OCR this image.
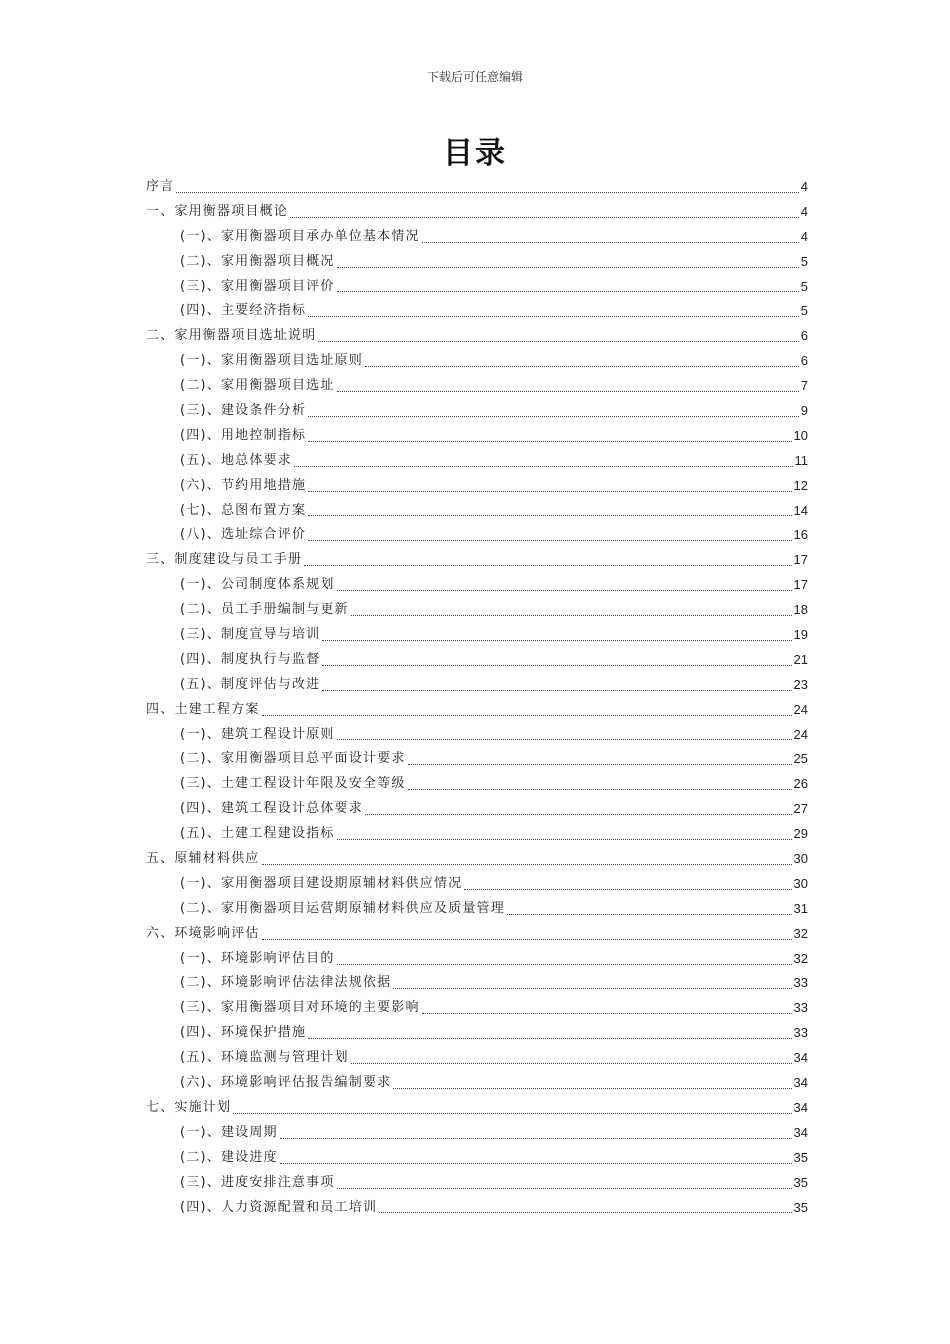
下载后可任意编辑
目录
序言	4
一、家用衡器项目概论	4
(一)、家用衡器项目承办单位基本情况	4
(二)、家用衡器项目概况	5
(三)、家用衡器项目评价	5
(四)、主要经济指标	5
二、家用衡器项目选址说明	6
(一)、家用衡器项目选址原则	6
(二)、家用衡器项目选址	7
(三)、建设条件分析	9
(四)、用地控制指标	10
(五)、地总体要求	11
(六)、节约用地措施	12
(七)、总图布置方案	14
(八)、选址综合评价	16
三、制度建设与员工手册	17
(一)、公司制度体系规划	17
(二)、员工手册编制与更新	18
(三)、制度宣导与培训	19
(四)、制度执行与监督	21
(五)、制度评估与改进	23
四、土建工程方案	24
(一)、建筑工程设计原则	24
(二)、家用衡器项目总平面设计要求	25
(三)、土建工程设计年限及安全等级	26
(四)、建筑工程设计总体要求	27
(五)、土建工程建设指标	29
五、原辅材料供应	30
(一)、家用衡器项目建设期原辅材料供应情况	30
(二)、家用衡器项目运营期原辅材料供应及质量管理	31
六、环境影响评估	32
(一)、环境影响评估目的	32
(二)、环境影响评估法律法规依据	33
(三)、家用衡器项目对环境的主要影响	33
(四)、环境保护措施	33
(五)、环境监测与管理计划	34
(六)、环境影响评估报告编制要求	34
七、实施计划	34
(一)、建设周期	34
(二)、建设进度	35
(三)、进度安排注意事项	35
(四)、人力资源配置和员工培训	35
